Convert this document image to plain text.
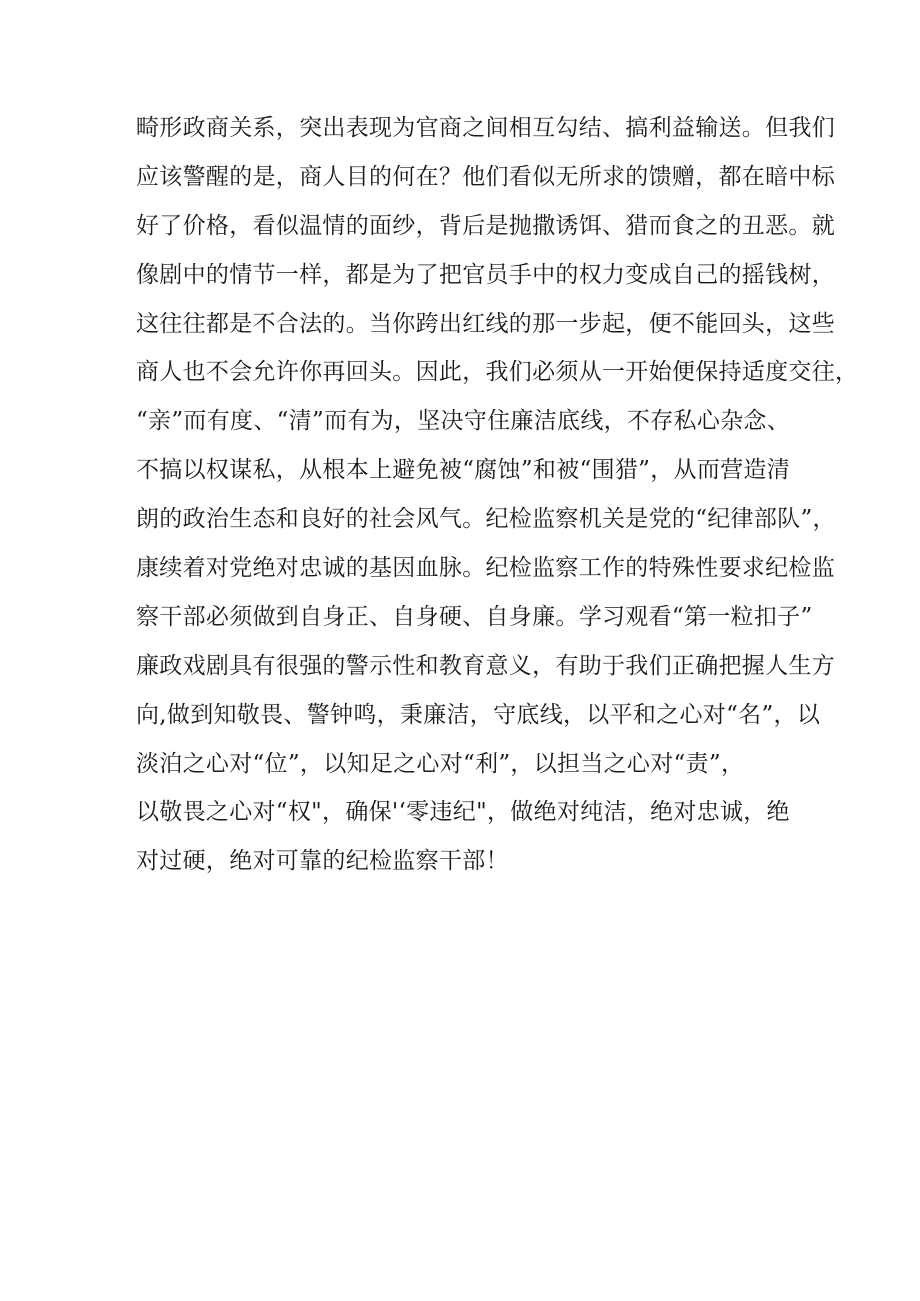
畸形政商关系，突出表现为官商之间相互勾结、搞利益输送。但我们
应该警醒的是，商人目的何在？他们看似无所求的馈赠，都在暗中标
好了价格，看似温情的面纱，背后是抛撒诱饵、猎而食之的丑恶。就
像剧中的情节一样，都是为了把官员手中的权力变成自己的摇钱树，
这往往都是不合法的。当你跨出红线的那一步起，便不能回头，这些
商人也不会允许你再回头。因此，我们必须从一开始便保持适度交往，
“亲”而有度、“清”而有为，坚决守住廉洁底线，不存私心杂念、
不搞以权谋私，从根本上避免被“腐蚀”和被“围猎”，从而营造清
朗的政治生态和良好的社会风气。纪检监察机关是党的“纪律部队”，
康续着对党绝对忠诚的基因血脉。纪检监察工作的特殊性要求纪检监
察干部必须做到自身正、自身硬、自身廉。学习观看“第一粒扣子”
廉政戏剧具有很强的警示性和教育意义，有助于我们正确把握人生方
向,做到知敬畏、警钟鸣，秉廉洁，守底线，以平和之心对“名”，以
淡泊之心对“位”，以知足之心对“利”，以担当之心对“责”，
以敬畏之心对“权"，确保'‘零违纪"，做绝对纯洁，绝对忠诚，绝
对过硬，绝对可靠的纪检监察干部！
